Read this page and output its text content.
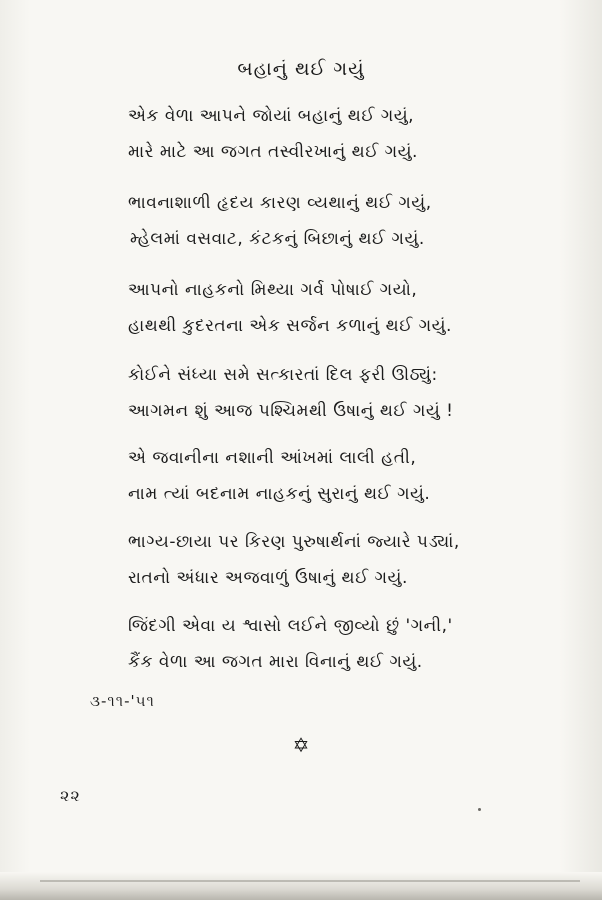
બહાનું થઈ ગયું
એક વેળા આપને જોયાં બહાનું થઈ ગયું,
મારે માટે આ જગત તસ્વીરખાનું થઈ ગયું.
ભાવનાશાળી હૃદય કારણ વ્યથાનું થઈ ગયું,
મ્હેલમાં વસવાટ, કંટકનું બિછાનું થઈ ગયું.
આપનો નાહકનો મિથ્યા ગર્વ પોષાઈ ગયો,
હાથથી કુદરતના એક સર્જન કળાનું થઈ ગયું.
કોઈને સંધ્યા સમે સત્કારતાં દિલ ફરી ઊઠ્યું:
આગમન શું આજ પશ્ચિમથી ઉષાનું થઈ ગયું !
એ જવાનીના નશાની આંખમાં લાલી હતી,
નામ ત્યાં બદનામ નાહકનું સુરાનું થઈ ગયું.
ભાગ્ય-છાયા પર કિરણ પુરુષાર્થનાં જ્યારે પડ્યાં,
રાતનો અંધાર અજવાળું ઉષાનું થઈ ગયું.
જિંદગી એવા ય શ્વાસો લઈને જીવ્યો છું 'ગની,'
કૈંક વેળા આ જગત મારા વિનાનું થઈ ગયું.
૩-૧૧-'૫૧
✡
૨૨
